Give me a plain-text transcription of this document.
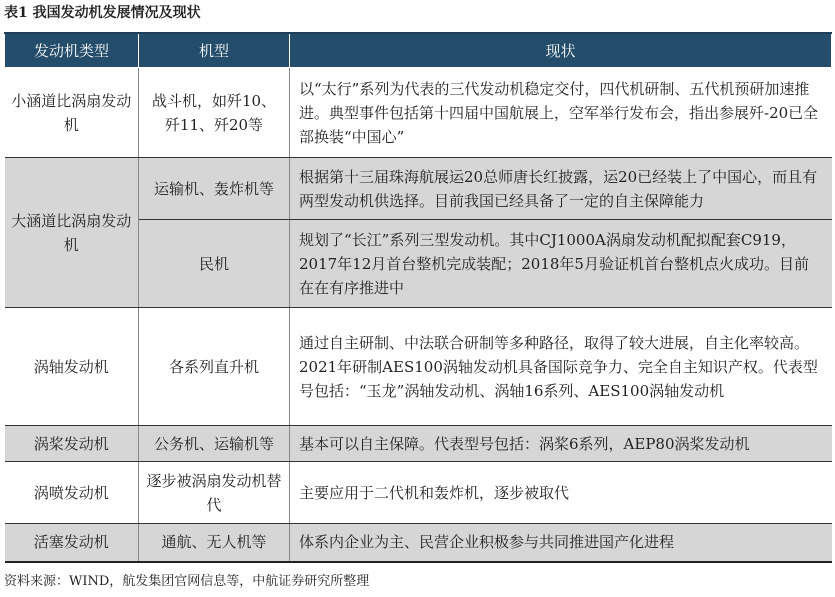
表1 我国发动机发展情况及现状
发动机类型	机型	现状

小涵道比涡扇发动机	战斗机，如歼10、歼11、歼20等	以“太行”系列为代表的三代发动机稳定交付，四代机研制、五代机预研加速推进。典型事件包括第十四届中国航展上，空军举行发布会，指出参展歼-20已全部换装“中国心”

大涵道比涡扇发动机	运输机、轰炸机等	根据第十三届珠海航展运20总师唐长红披露，运20已经装上了中国心，而且有两型发动机供选择。目前我国已经具备了一定的自主保障能力

	民机	规划了“长江”系列三型发动机。其中CJ1000A涡扇发动机配拟配套C919，2017年12月首台整机完成装配；2018年5月验证机首台整机点火成功。目前在在有序推进中

涡轴发动机	各系列直升机	通过自主研制、中法联合研制等多种路径，取得了较大进展，自主化率较高。2021年研制AES100涡轴发动机具备国际竞争力、完全自主知识产权。代表型号包括：“玉龙”涡轴发动机、涡轴16系列、AES100涡轴发动机

涡桨发动机	公务机、运输机等	基本可以自主保障。代表型号包括：涡桨6系列，AEP80涡桨发动机

涡喷发动机	逐步被涡扇发动机替代	主要应用于二代机和轰炸机，逐步被取代

活塞发动机	通航、无人机等	体系内企业为主、民营企业积极参与共同推进国产化进程
资料来源：WIND，航发集团官网信息等，中航证券研究所整理
